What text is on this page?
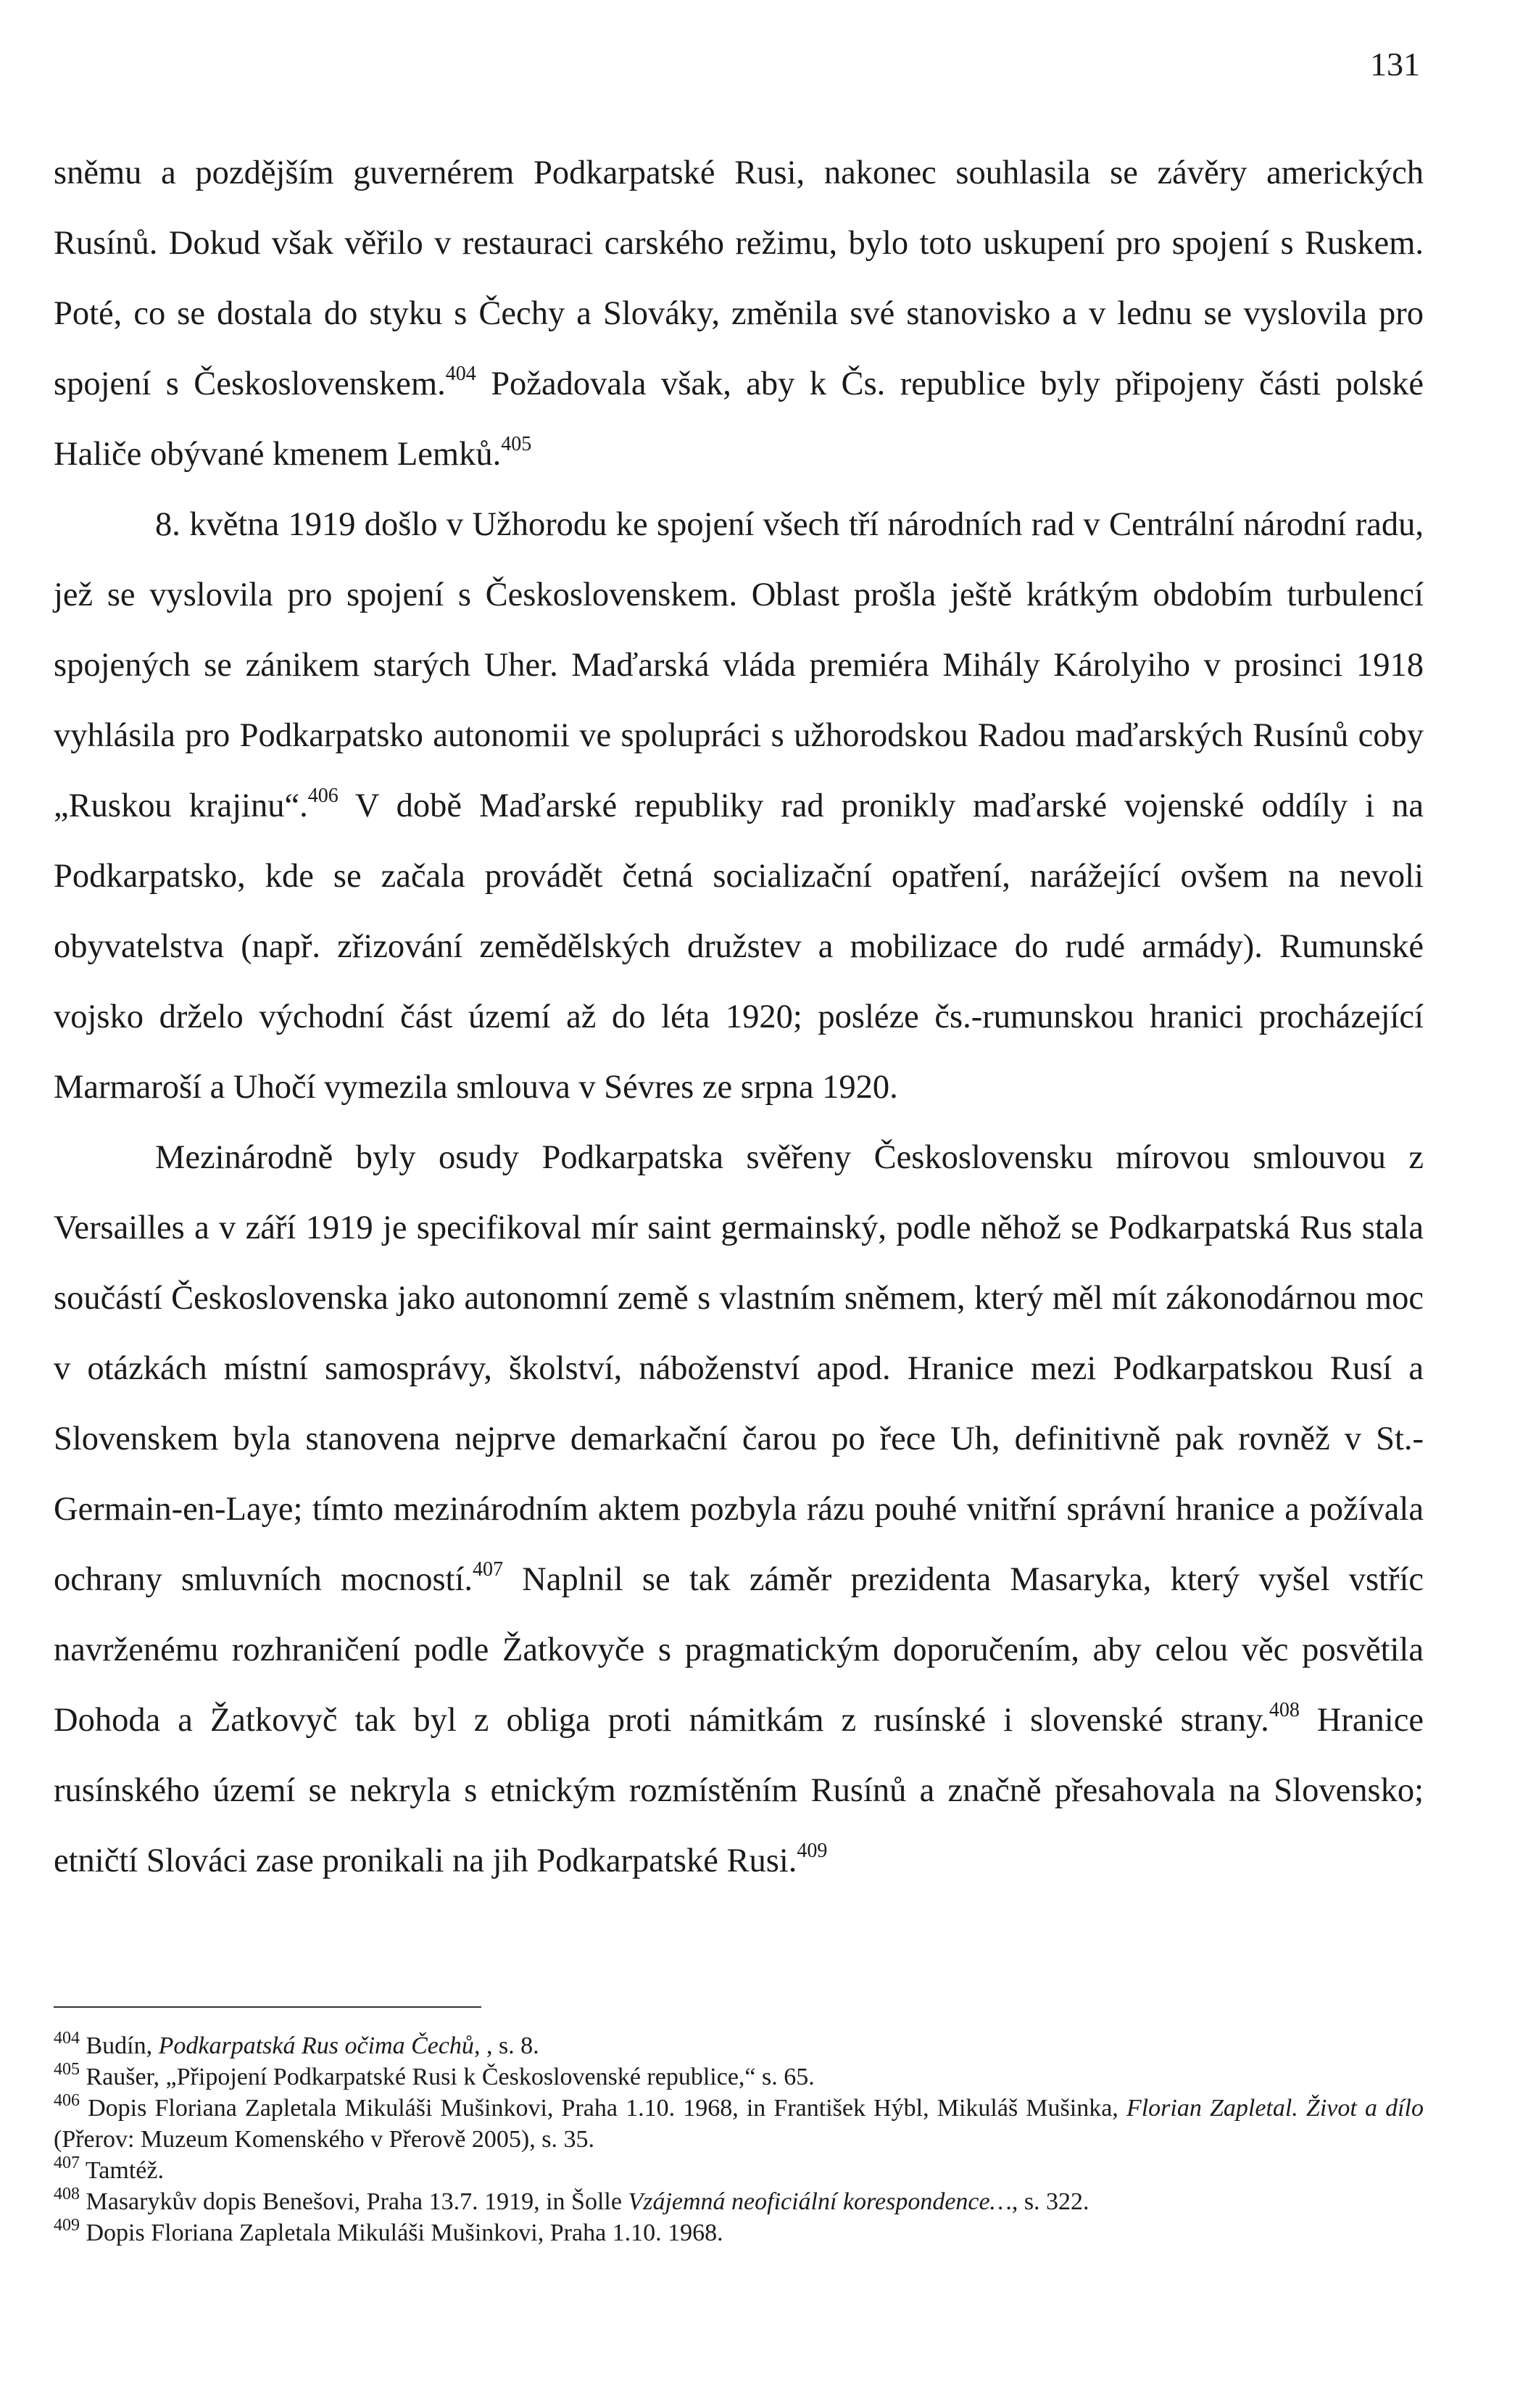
131

sněmu a pozdějším guvernérem Podkarpatské Rusi, nakonec souhlasila se závěry amerických Rusínů. Dokud však věřilo v restauraci carského režimu, bylo toto uskupení pro spojení s Ruskem. Poté, co se dostala do styku s Čechy a Slováky, změnila své stanovisko a v lednu se vyslovila pro spojení s Československem.$^{404}$ Požadovala však, aby k Čs. republice byly připojeny části polské Haliče obývané kmenem Lemků.$^{405}$

8. května 1919 došlo v Užhorodu ke spojení všech tří národních rad v Centrální národní radu, jež se vyslovila pro spojení s Československem. Oblast prošla ještě krátkým obdobím turbulencí spojených se zánikem starých Uher. Maďarská vláda premiéra Mihály Károlyiho v prosinci 1918 vyhlásila pro Podkarpatsko autonomii ve spolupráci s užhorodskou Radou maďarských Rusínů coby „Ruskou krajinu“.$^{406}$ V době Maďarské republiky rad pronikly maďarské vojenské oddíly i na Podkarpatsko, kde se začala provádět četná socializační opatření, narážející ovšem na nevoli obyvatelstva (např. zřizování zemědělských družstev a mobilizace do rudé armády). Rumunské vojsko drželo východní část území až do léta 1920; posléze čs.-rumunskou hranici procházející Marmaroší a Uhočí vymezila smlouva v Sévres ze srpna 1920.

Mezinárodně byly osudy Podkarpatska svěřeny Československu mírovou smlouvou z Versailles a v září 1919 je specifikoval mír saint germainský, podle něhož se Podkarpatská Rus stala součástí Československa jako autonomní země s vlastním sněmem, který měl mít zákonodárnou moc v otázkách místní samosprávy, školství, náboženství apod. Hranice mezi Podkarpatskou Rusí a Slovenskem byla stanovena nejprve demarkační čarou po řece Uh, definitivně pak rovněž v St.-Germain-en-Laye; tímto mezinárodním aktem pozbyla rázu pouhé vnitřní správní hranice a požívala ochrany smluvních mocností.$^{407}$ Naplnil se tak záměr prezidenta Masaryka, který vyšel vstříc navrženému rozhraničení podle Žatkovyče s pragmatickým doporučením, aby celou věc posvětila Dohoda a Žatkovyč tak byl z obliga proti námitkám z rusínské i slovenské strany.$^{408}$ Hranice rusínského území se nekryla s etnickým rozmístěním Rusínů a značně přesahovala na Slovensko; etničtí Slováci zase pronikali na jih Podkarpatské Rusi.$^{409}$

$^{404}$ Budín, Podkarpatská Rus očima Čechů, , s. 8.

$^{405}$ Raušer, „Připojení Podkarpatské Rusi k Československé republice,“ s. 65.

$^{406}$ Dopis Floriana Zapletala Mikuláši Mušinkovi, Praha 1.10. 1968, in František Hýbl, Mikuláš Mušinka, Florian Zapletal. Život a dílo (Přerov: Muzeum Komenského v Přerově 2005), s. 35.

$^{407}$ Tamtéž.

$^{408}$ Masarykův dopis Benešovi, Praha 13.7. 1919, in Šolle Vzájemná neoficiální korespondence…, s. 322.

$^{409}$ Dopis Floriana Zapletala Mikuláši Mušinkovi, Praha 1.10. 1968.
